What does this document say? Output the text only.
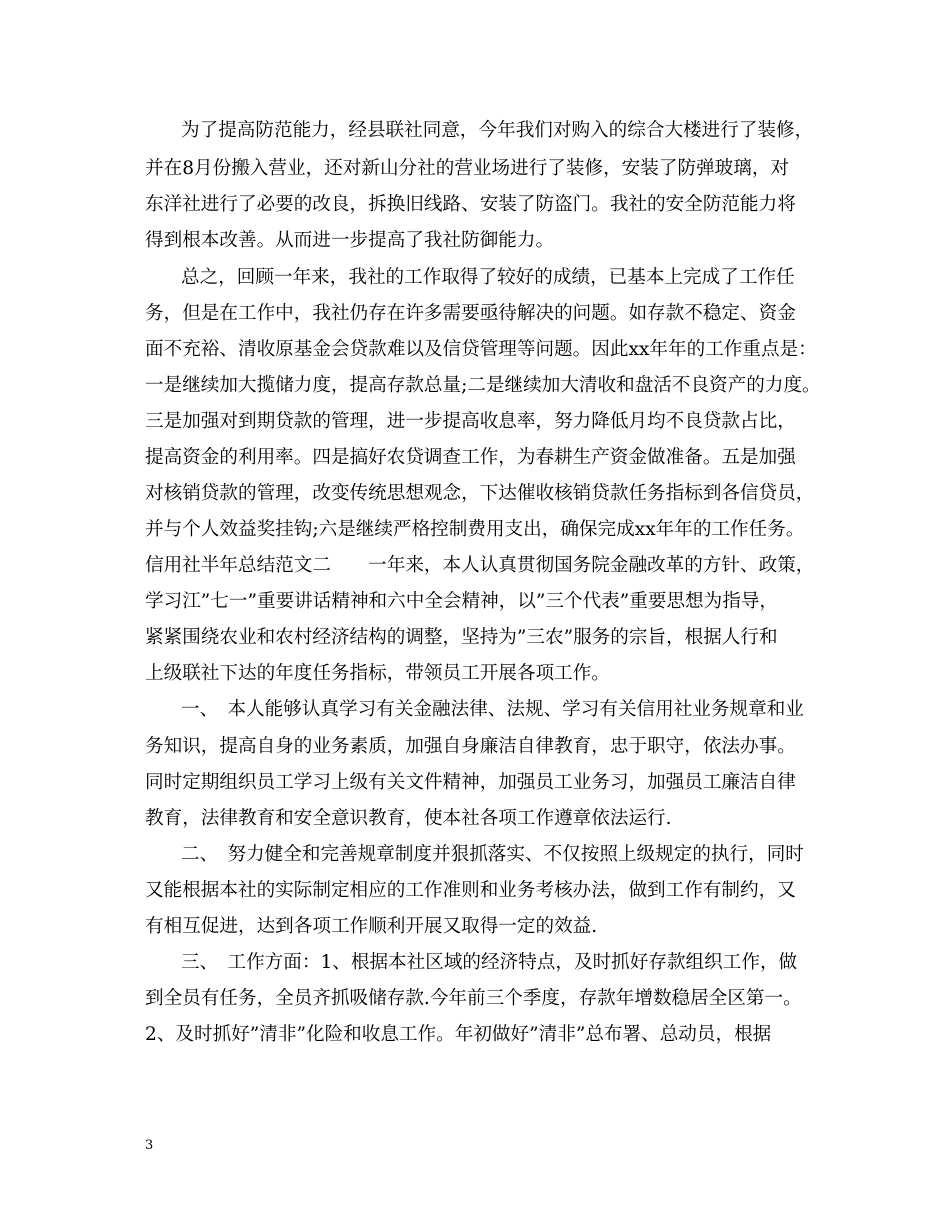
为了提高防范能力，经县联社同意，今年我们对购入的综合大楼进行了装修，
并在8月份搬入营业，还对新山分社的营业场进行了装修，安装了防弹玻璃，对
东洋社进行了必要的改良，拆换旧线路、安装了防盗门。我社的安全防范能力将
得到根本改善。从而进一步提高了我社防御能力。
总之，回顾一年来，我社的工作取得了较好的成绩，已基本上完成了工作任
务，但是在工作中，我社仍存在许多需要亟待解决的问题。如存款不稳定、资金
面不充裕、清收原基金会贷款难以及信贷管理等问题。因此xx年年的工作重点是：
一是继续加大揽储力度，提高存款总量;二是继续加大清收和盘活不良资产的力度。
三是加强对到期贷款的管理，进一步提高收息率，努力降低月均不良贷款占比，
提高资金的利用率。四是搞好农贷调查工作，为春耕生产资金做准备。五是加强
对核销贷款的管理，改变传统思想观念，下达催收核销贷款任务指标到各信贷员，
并与个人效益奖挂钩;六是继续严格控制费用支出，确保完成xx年年的工作任务。
信用社半年总结范文二　　一年来，本人认真贯彻国务院金融改革的方针、政策，
学习江”七一”重要讲话精神和六中全会精神，以”三个代表”重要思想为指导，
紧紧围绕农业和农村经济结构的调整，坚持为”三农”服务的宗旨，根据人行和
上级联社下达的年度任务指标，带领员工开展各项工作。
一、　本人能够认真学习有关金融法律、法规、学习有关信用社业务规章和业
务知识，提高自身的业务素质，加强自身廉洁自律教育，忠于职守，依法办事。
同时定期组织员工学习上级有关文件精神，加强员工业务习，加强员工廉洁自律
教育，法律教育和安全意识教育，使本社各项工作遵章依法运行.
二、　努力健全和完善规章制度并狠抓落实、不仅按照上级规定的执行，同时
又能根据本社的实际制定相应的工作准则和业务考核办法，做到工作有制约，又
有相互促进，达到各项工作顺利开展又取得一定的效益.
三、　工作方面：1、根据本社区域的经济特点，及时抓好存款组织工作，做
到全员有任务，全员齐抓吸储存款.今年前三个季度，存款年增数稳居全区第一。
2、及时抓好”清非”化险和收息工作。年初做好”清非”总布署、总动员，根据
3
